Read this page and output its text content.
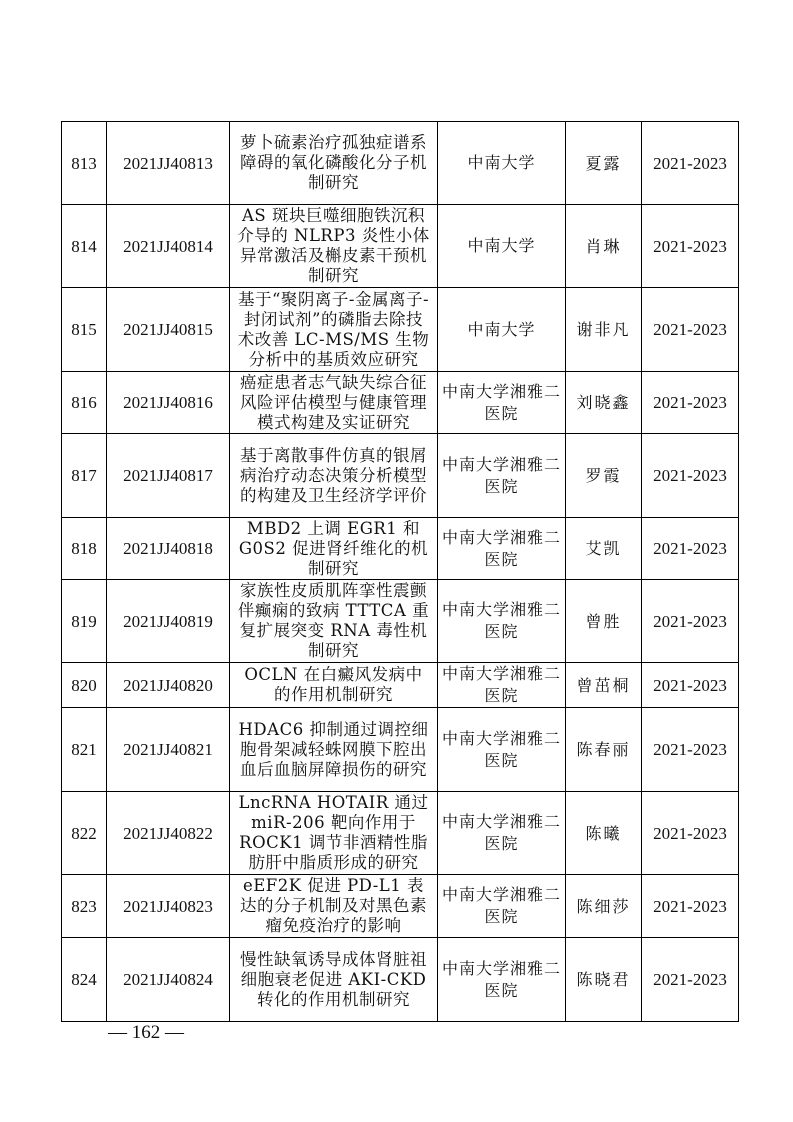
813	2021JJ40813	萝卜硫素治疗孤独症谱系障碍的氧化磷酸化分子机制研究	中南大学	夏露	2021-2023
814	2021JJ40814	AS 斑块巨噬细胞铁沉积介导的 NLRP3 炎性小体异常激活及槲皮素干预机制研究	中南大学	肖琳	2021-2023
815	2021JJ40815	基于“聚阴离子-金属离子-封闭试剂”的磷脂去除技术改善 LC-MS/MS 生物分析中的基质效应研究	中南大学	谢非凡	2021-2023
816	2021JJ40816	癌症患者志气缺失综合征风险评估模型与健康管理模式构建及实证研究	中南大学湘雅二医院	刘晓鑫	2021-2023
817	2021JJ40817	基于离散事件仿真的银屑病治疗动态决策分析模型的构建及卫生经济学评价	中南大学湘雅二医院	罗霞	2021-2023
818	2021JJ40818	MBD2 上调 EGR1 和 G0S2 促进肾纤维化的机制研究	中南大学湘雅二医院	艾凯	2021-2023
819	2021JJ40819	家族性皮质肌阵挛性震颤伴癫痫的致病 TTTCA 重复扩展突变 RNA 毒性机制研究	中南大学湘雅二医院	曾胜	2021-2023
820	2021JJ40820	OCLN 在白癜风发病中的作用机制研究	中南大学湘雅二医院	曾茁桐	2021-2023
821	2021JJ40821	HDAC6 抑制通过调控细胞骨架减轻蛛网膜下腔出血后血脑屏障损伤的研究	中南大学湘雅二医院	陈春丽	2021-2023
822	2021JJ40822	LncRNA HOTAIR 通过 miR-206 靶向作用于 ROCK1 调节非酒精性脂肪肝中脂质形成的研究	中南大学湘雅二医院	陈曦	2021-2023
823	2021JJ40823	eEF2K 促进 PD-L1 表达的分子机制及对黑色素瘤免疫治疗的影响	中南大学湘雅二医院	陈细莎	2021-2023
824	2021JJ40824	慢性缺氧诱导成体肾脏祖细胞衰老促进 AKI-CKD 转化的作用机制研究	中南大学湘雅二医院	陈晓君	2021-2023
— 162 —
